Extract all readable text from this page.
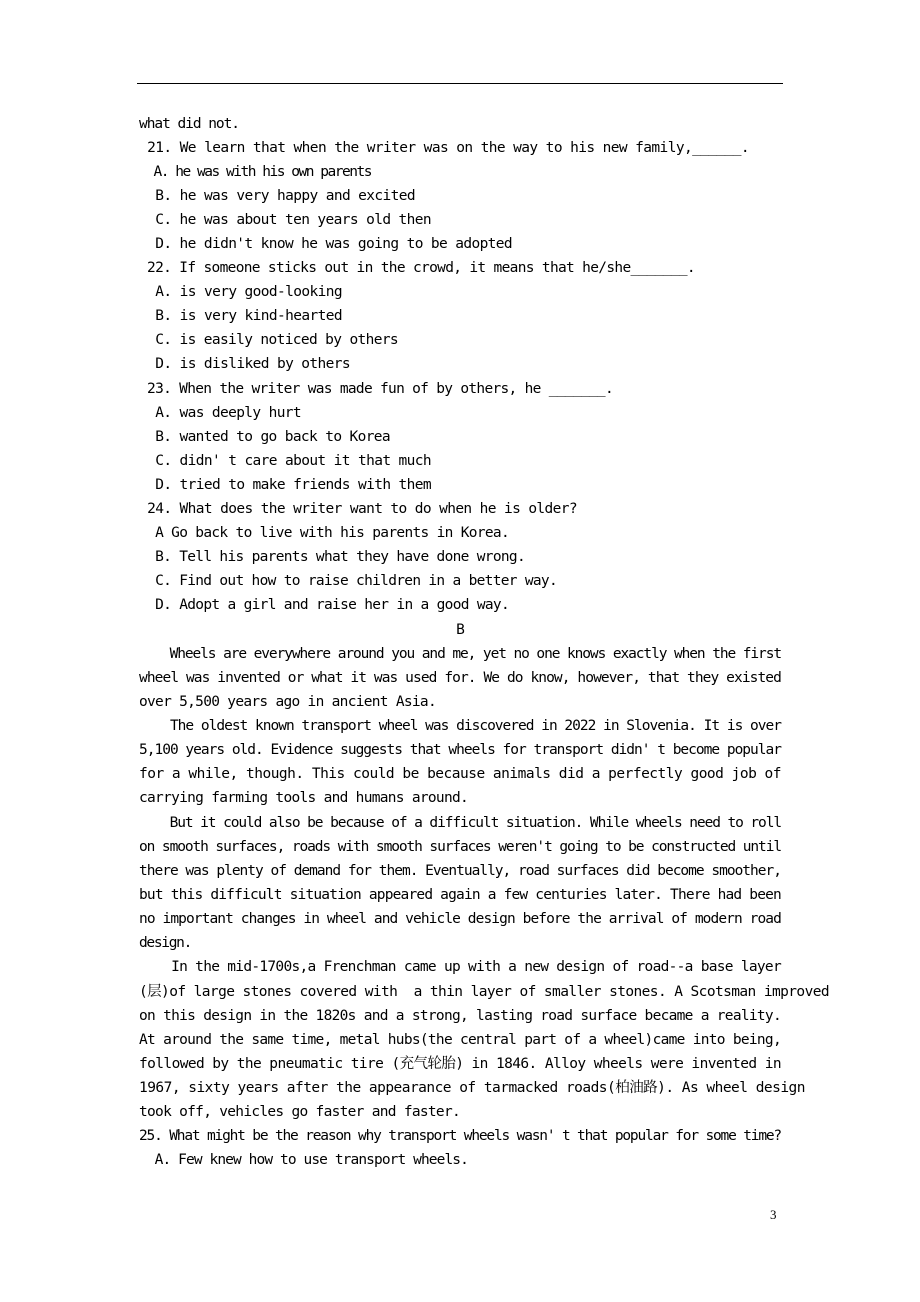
what did not.
21. We learn that when the writer was on the way to his new family,______.
A. he was with his own parents
B. he was very happy and excited
C. he was about ten years old then
D. he didn't know he was going to be adopted
22. If someone sticks out in the crowd, it means that he/she_______.
A. is very good-looking
B. is very kind-hearted
C. is easily noticed by others
D. is disliked by others
23. When the writer was made fun of by others, he _______.
A. was deeply hurt
B. wanted to go back to Korea
C. didn' t care about it that much
D. tried to make friends with them
24. What does the writer want to do when he is older?
A Go back to live with his parents in Korea.
B. Tell his parents what they have done wrong.
C. Find out how to raise children in a better way.
D. Adopt a girl and raise her in a good way.
B
Wheels are everywhere around you and me, yet no one knows exactly when the first
wheel was invented or what it was used for. We do know, however, that they existed
over 5,500 years ago in ancient Asia.
The oldest known transport wheel was discovered in 2022 in Slovenia. It is over
5,100 years old. Evidence suggests that wheels for transport didn' t become popular
for a while, though. This could be because animals did a perfectly good job of
carrying farming tools and humans around.
But it could also be because of a difficult situation. While wheels need to roll
on smooth surfaces, roads with smooth surfaces weren't going to be constructed until
there was plenty of demand for them. Eventually, road surfaces did become smoother,
but this difficult situation appeared again a few centuries later. There had been
no important changes in wheel and vehicle design before the arrival of modern road
design.
In the mid-1700s,a Frenchman came up with a new design of road--a base layer
(层)of large stones covered with  a thin layer of smaller stones. A Scotsman improved
on this design in the 1820s and a strong, lasting road surface became a reality.
At around the same time, metal hubs(the central part of a wheel)came into being,
followed by the pneumatic tire (充气轮胎) in 1846. Alloy wheels were invented in
1967, sixty years after the appearance of tarmacked roads(柏油路). As wheel design
took off, vehicles go faster and faster.
25. What might be the reason why transport wheels wasn' t that popular for some time?
A. Few knew how to use transport wheels.
3
